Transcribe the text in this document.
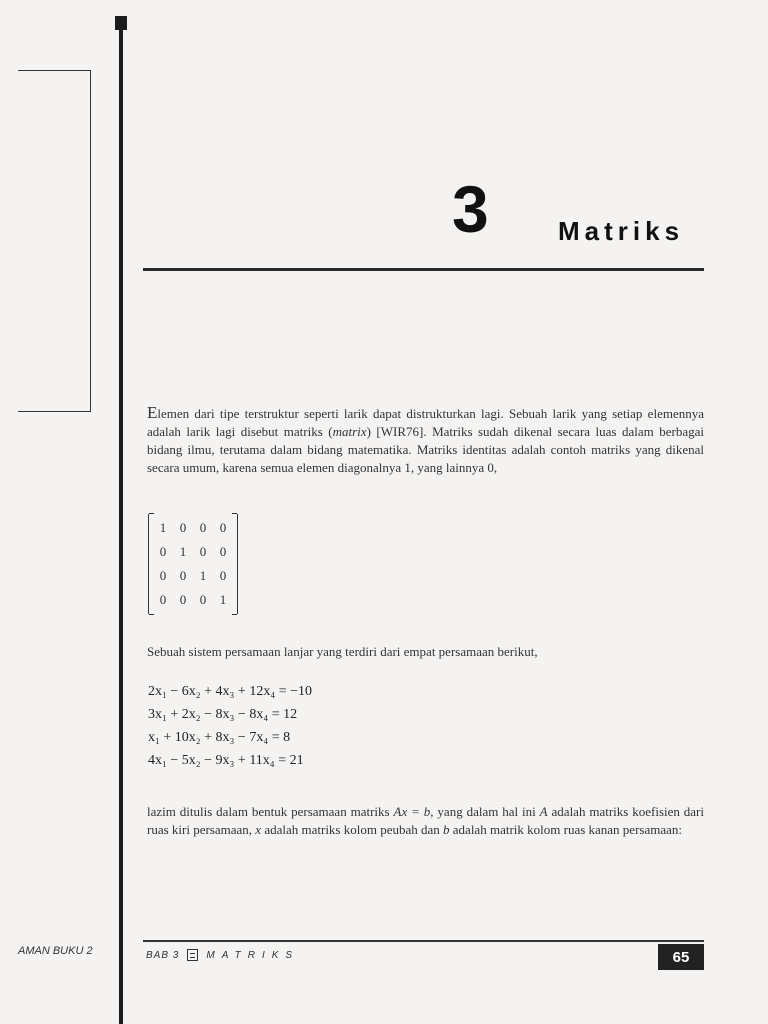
3	Matriks

Elemen dari tipe terstruktur seperti larik dapat distrukturkan lagi. Sebuah larik yang setiap elemennya adalah larik lagi disebut matriks (matrix) [WIR76]. Matriks sudah dikenal secara luas dalam berbagai bidang ilmu, terutama dalam bidang matematika. Matriks identitas adalah contoh matriks yang dikenal secara umum, karena semua elemen diagonalnya 1, yang lainnya 0,

1	0	0	0
0	1	0	0
0	0	1	0
0	0	0	1

Sebuah sistem persamaan lanjar yang terdiri dari empat persamaan berikut,

2x₁ − 6x₂ + 4x₃ + 12x₄ = −10
3x₁ + 2x₂ − 8x₃ − 8x₄ = 12
x₁ + 10x₂ + 8x₃ − 7x₄ = 8
4x₁ − 5x₂ − 9x₃ + 11x₄ = 21

lazim ditulis dalam bentuk persamaan matriks Ax = b, yang dalam hal ini A adalah matriks koefisien dari ruas kiri persamaan, x adalah matriks kolom peubah dan b adalah matrik kolom ruas kanan persamaan:

AMAN BUKU 2	BAB 3	MATRIKS	65
